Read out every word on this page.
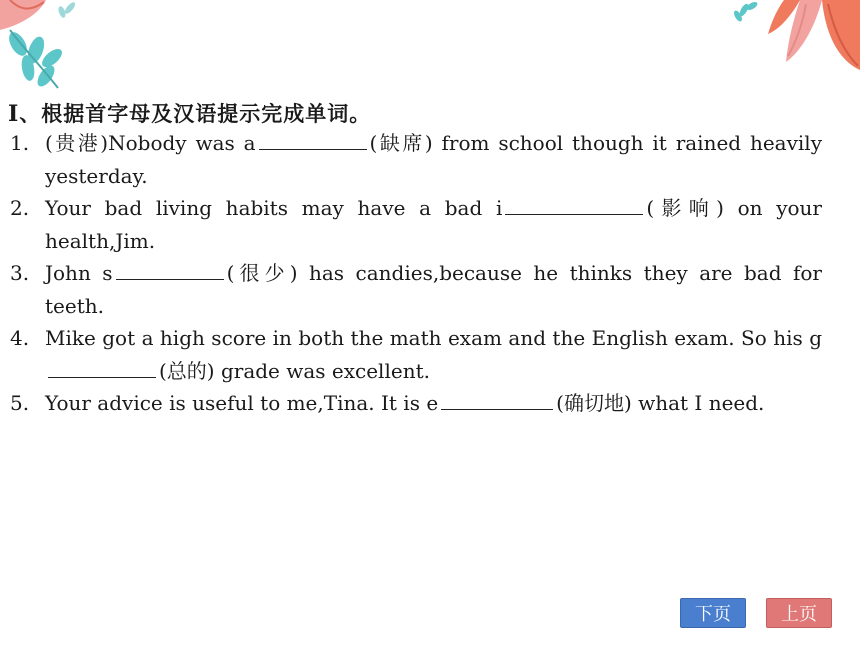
Ⅰ、根据首字母及汉语提示完成单词。
1. (贵港)Nobody was a	(缺席) from school though it rained heavily yesterday.
2. Your bad living habits may have a bad i	(影响) on your health,Jim.
3. John s	(很少) has candies,because he thinks they are bad for teeth.
4. Mike got a high score in both the math exam and the English exam. So his g(总的) grade was excellent.
5. Your advice is useful to me,Tina. It is e	(确切地) what I need.
下页	上页
